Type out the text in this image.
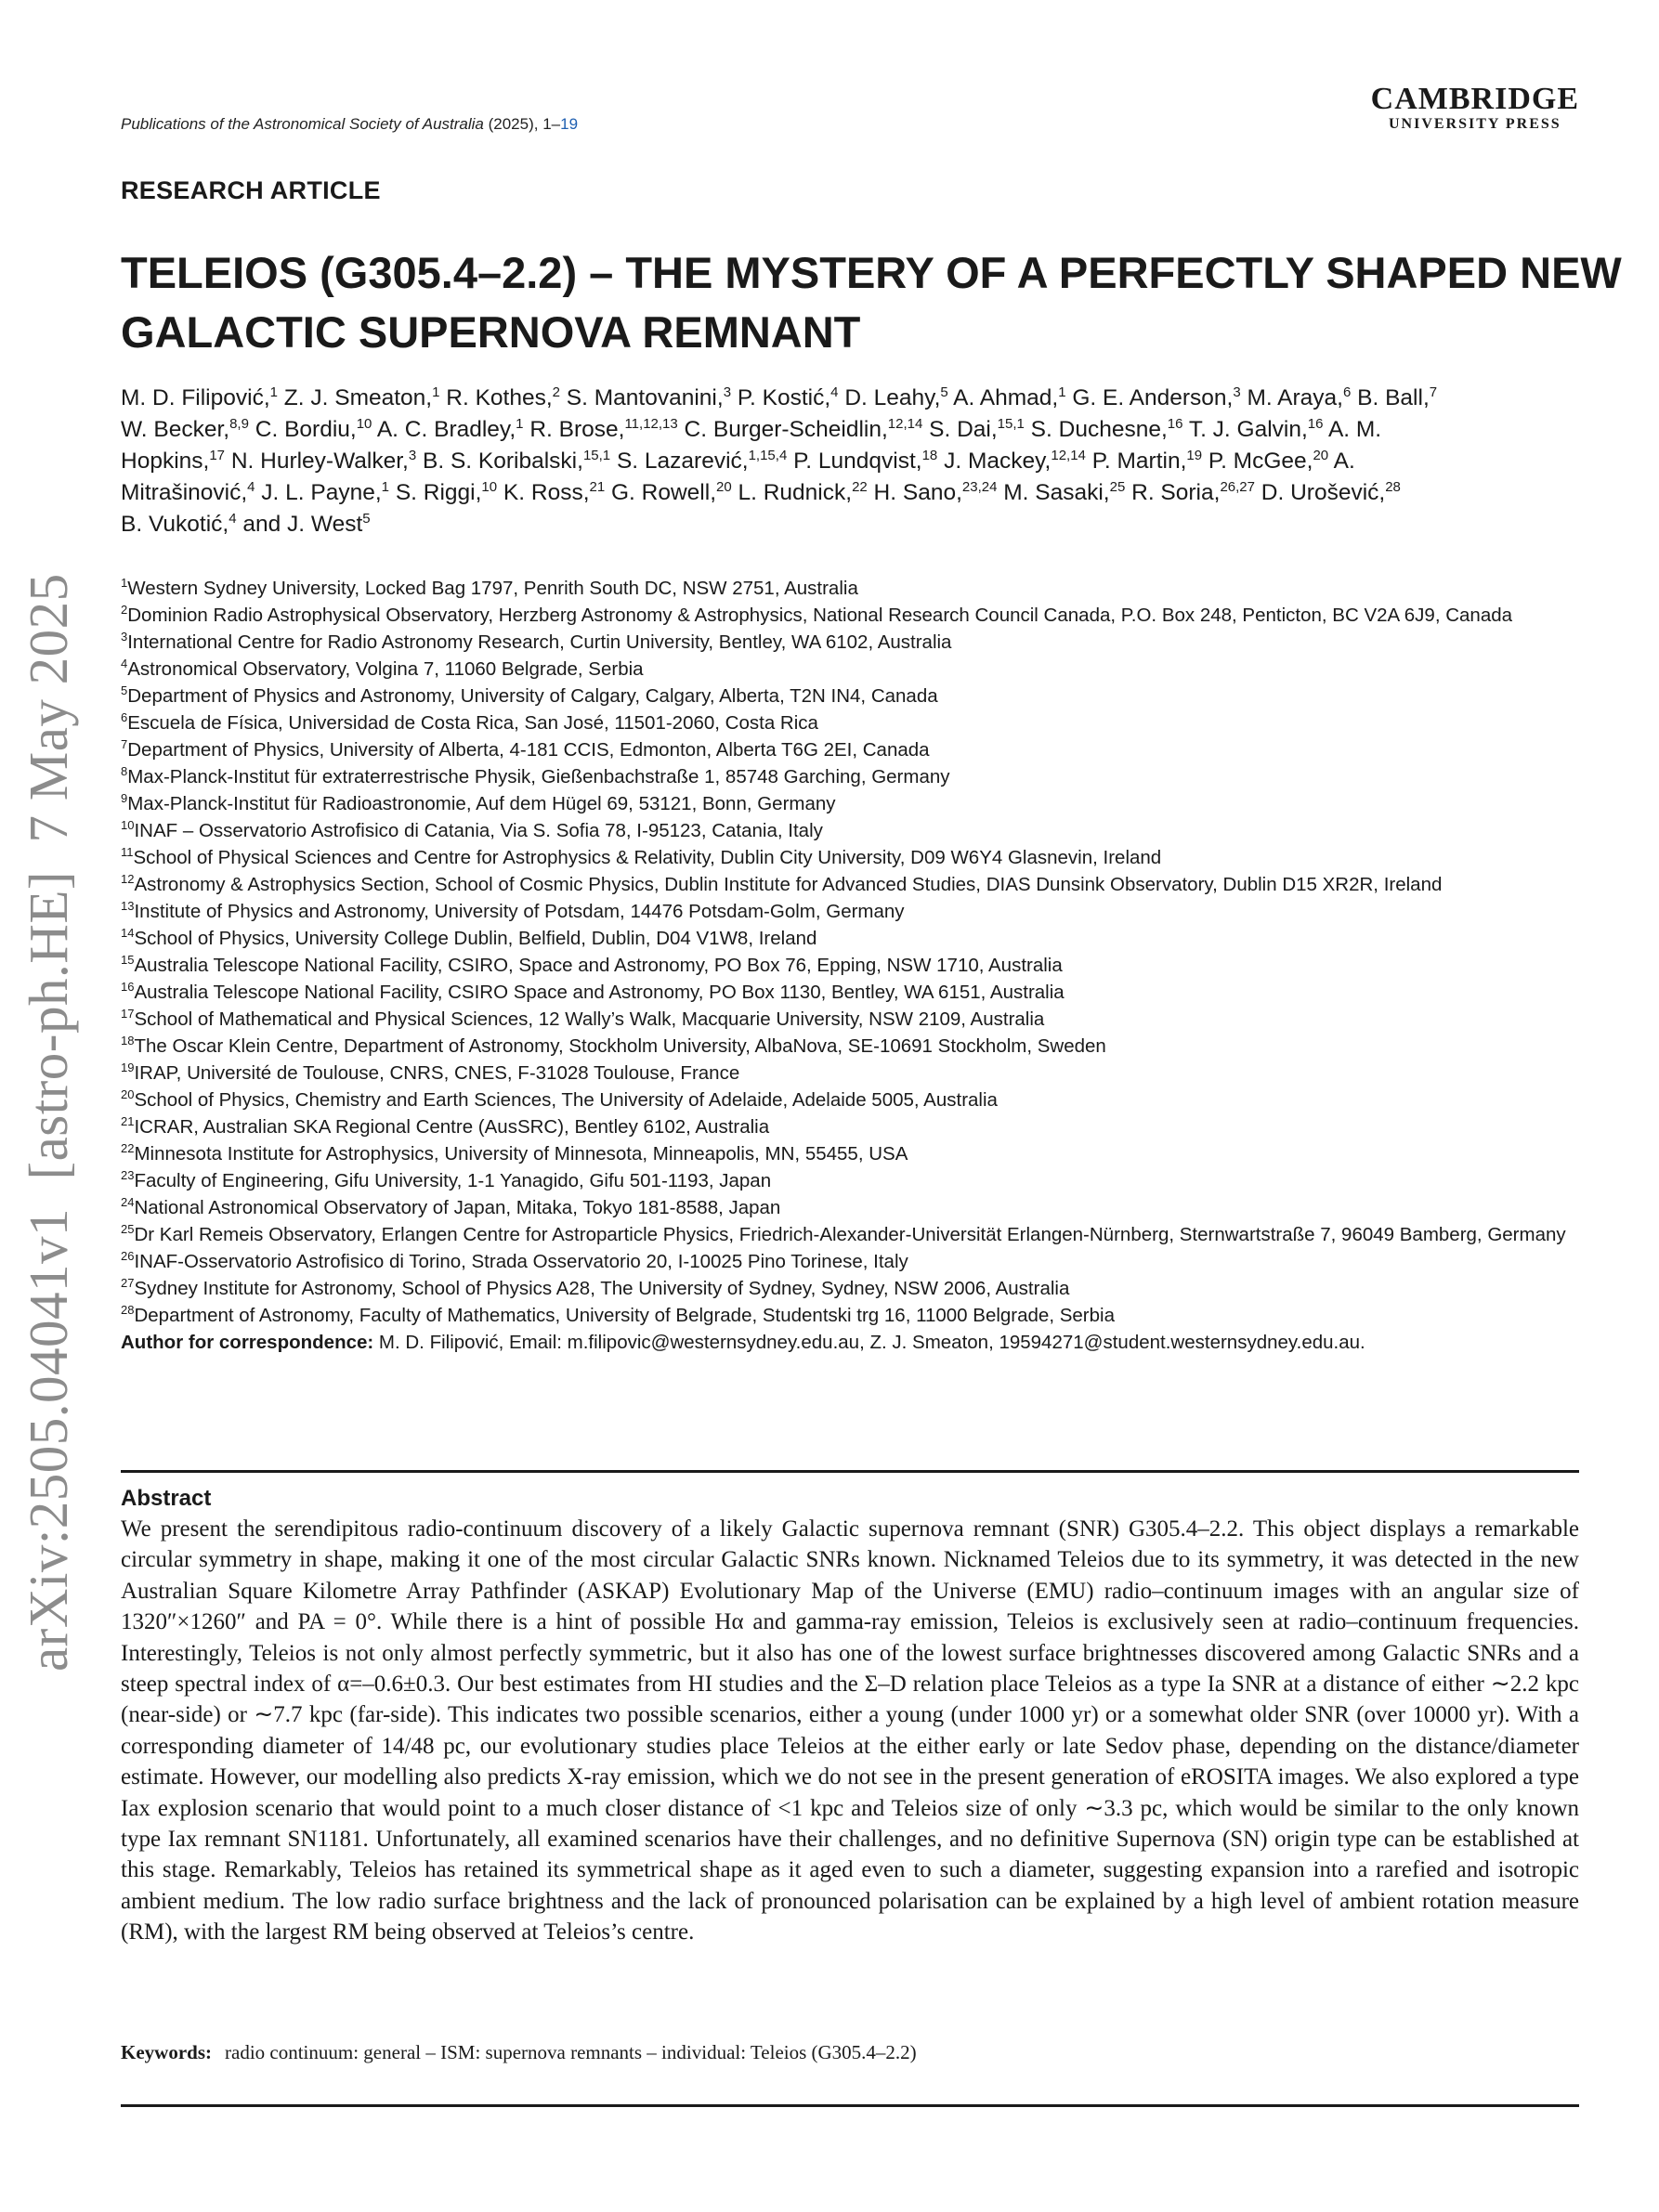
Publications of the Astronomical Society of Australia (2025), 1–19
CAMBRIDGE
UNIVERSITY PRESS
RESEARCH ARTICLE
TELEIOS (G305.4–2.2) – THE MYSTERY OF A PERFECTLY SHAPED NEW
GALACTIC SUPERNOVA REMNANT
M. D. Filipović,$^1$ Z. J. Smeaton,$^1$ R. Kothes,$^2$ S. Mantovanini,$^3$ P. Kostić,$^4$ D. Leahy,$^5$ A. Ahmad,$^1$ G. E. Anderson,$^3$ M. Araya,$^6$ B. Ball,$^7$
W. Becker,$^{8,9}$ C. Bordiu,$^{10}$ A. C. Bradley,$^1$ R. Brose,$^{11,12,13}$ C. Burger-Scheidlin,$^{12,14}$ S. Dai,$^{15,1}$ S. Duchesne,$^{16}$ T. J. Galvin,$^{16}$ A. M.
Hopkins,$^{17}$ N. Hurley-Walker,$^3$ B. S. Koribalski,$^{15,1}$ S. Lazarević,$^{1,15,4}$ P. Lundqvist,$^{18}$ J. Mackey,$^{12,14}$ P. Martin,$^{19}$ P. McGee,$^{20}$ A.
Mitrašinović,$^4$ J. L. Payne,$^1$ S. Riggi,$^{10}$ K. Ross,$^{21}$ G. Rowell,$^{20}$ L. Rudnick,$^{22}$ H. Sano,$^{23,24}$ M. Sasaki,$^{25}$ R. Soria,$^{26,27}$ D. Urošević,$^{28}$
B. Vukotić,$^4$ and J. West$^5$
$^1$Western Sydney University, Locked Bag 1797, Penrith South DC, NSW 2751, Australia
$^2$Dominion Radio Astrophysical Observatory, Herzberg Astronomy & Astrophysics, National Research Council Canada, P.O. Box 248, Penticton, BC V2A 6J9, Canada
$^3$International Centre for Radio Astronomy Research, Curtin University, Bentley, WA 6102, Australia
$^4$Astronomical Observatory, Volgina 7, 11060 Belgrade, Serbia
$^5$Department of Physics and Astronomy, University of Calgary, Calgary, Alberta, T2N IN4, Canada
$^6$Escuela de Física, Universidad de Costa Rica, San José, 11501-2060, Costa Rica
$^7$Department of Physics, University of Alberta, 4-181 CCIS, Edmonton, Alberta T6G 2EI, Canada
$^8$Max-Planck-Institut für extraterrestrische Physik, Gießenbachstraße 1, 85748 Garching, Germany
$^9$Max-Planck-Institut für Radioastronomie, Auf dem Hügel 69, 53121, Bonn, Germany
$^{10}$INAF – Osservatorio Astrofisico di Catania, Via S. Sofia 78, I-95123, Catania, Italy
$^{11}$School of Physical Sciences and Centre for Astrophysics & Relativity, Dublin City University, D09 W6Y4 Glasnevin, Ireland
$^{12}$Astronomy & Astrophysics Section, School of Cosmic Physics, Dublin Institute for Advanced Studies, DIAS Dunsink Observatory, Dublin D15 XR2R, Ireland
$^{13}$Institute of Physics and Astronomy, University of Potsdam, 14476 Potsdam-Golm, Germany
$^{14}$School of Physics, University College Dublin, Belfield, Dublin, D04 V1W8, Ireland
$^{15}$Australia Telescope National Facility, CSIRO, Space and Astronomy, PO Box 76, Epping, NSW 1710, Australia
$^{16}$Australia Telescope National Facility, CSIRO Space and Astronomy, PO Box 1130, Bentley, WA 6151, Australia
$^{17}$School of Mathematical and Physical Sciences, 12 Wally’s Walk, Macquarie University, NSW 2109, Australia
$^{18}$The Oscar Klein Centre, Department of Astronomy, Stockholm University, AlbaNova, SE-10691 Stockholm, Sweden
$^{19}$IRAP, Université de Toulouse, CNRS, CNES, F-31028 Toulouse, France
$^{20}$School of Physics, Chemistry and Earth Sciences, The University of Adelaide, Adelaide 5005, Australia
$^{21}$ICRAR, Australian SKA Regional Centre (AusSRC), Bentley 6102, Australia
$^{22}$Minnesota Institute for Astrophysics, University of Minnesota, Minneapolis, MN, 55455, USA
$^{23}$Faculty of Engineering, Gifu University, 1-1 Yanagido, Gifu 501-1193, Japan
$^{24}$National Astronomical Observatory of Japan, Mitaka, Tokyo 181-8588, Japan
$^{25}$Dr Karl Remeis Observatory, Erlangen Centre for Astroparticle Physics, Friedrich-Alexander-Universität Erlangen-Nürnberg, Sternwartstraße 7, 96049 Bamberg, Germany
$^{26}$INAF-Osservatorio Astrofisico di Torino, Strada Osservatorio 20, I-10025 Pino Torinese, Italy
$^{27}$Sydney Institute for Astronomy, School of Physics A28, The University of Sydney, Sydney, NSW 2006, Australia
$^{28}$Department of Astronomy, Faculty of Mathematics, University of Belgrade, Studentski trg 16, 11000 Belgrade, Serbia
Author for correspondence: M. D. Filipović, Email: m.filipovic@westernsydney.edu.au, Z. J. Smeaton, 19594271@student.westernsydney.edu.au.
Abstract
We present the serendipitous radio-continuum discovery of a likely Galactic supernova remnant (SNR) G305.4–2.2. This object displays a remarkable circular symmetry in shape, making it one of the most circular Galactic SNRs known. Nicknamed Teleios due to its symmetry, it was detected in the new Australian Square Kilometre Array Pathfinder (ASKAP) Evolutionary Map of the Universe (EMU) radio–continuum images with an angular size of 1320″×1260″ and PA = 0°. While there is a hint of possible Hα and gamma-ray emission, Teleios is exclusively seen at radio–continuum frequencies. Interestingly, Teleios is not only almost perfectly symmetric, but it also has one of the lowest surface brightnesses discovered among Galactic SNRs and a steep spectral index of α=–0.6±0.3. Our best estimates from HI studies and the Σ–D relation place Teleios as a type Ia SNR at a distance of either ∼2.2 kpc (near-side) or ∼7.7 kpc (far-side). This indicates two possible scenarios, either a young (under 1000 yr) or a somewhat older SNR (over 10000 yr). With a corresponding diameter of 14/48 pc, our evolutionary studies place Teleios at the either early or late Sedov phase, depending on the distance/diameter estimate. However, our modelling also predicts X-ray emission, which we do not see in the present generation of eROSITA images. We also explored a type Iax explosion scenario that would point to a much closer distance of <1 kpc and Teleios size of only ∼3.3 pc, which would be similar to the only known type Iax remnant SN1181. Unfortunately, all examined scenarios have their challenges, and no definitive Supernova (SN) origin type can be established at this stage. Remarkably, Teleios has retained its symmetrical shape as it aged even to such a diameter, suggesting expansion into a rarefied and isotropic ambient medium. The low radio surface brightness and the lack of pronounced polarisation can be explained by a high level of ambient rotation measure (RM), with the largest RM being observed at Teleios’s centre.
Keywords: radio continuum: general – ISM: supernova remnants – individual: Teleios (G305.4–2.2)
arXiv:2505.04041v1  [astro-ph.HE]  7 May 2025
